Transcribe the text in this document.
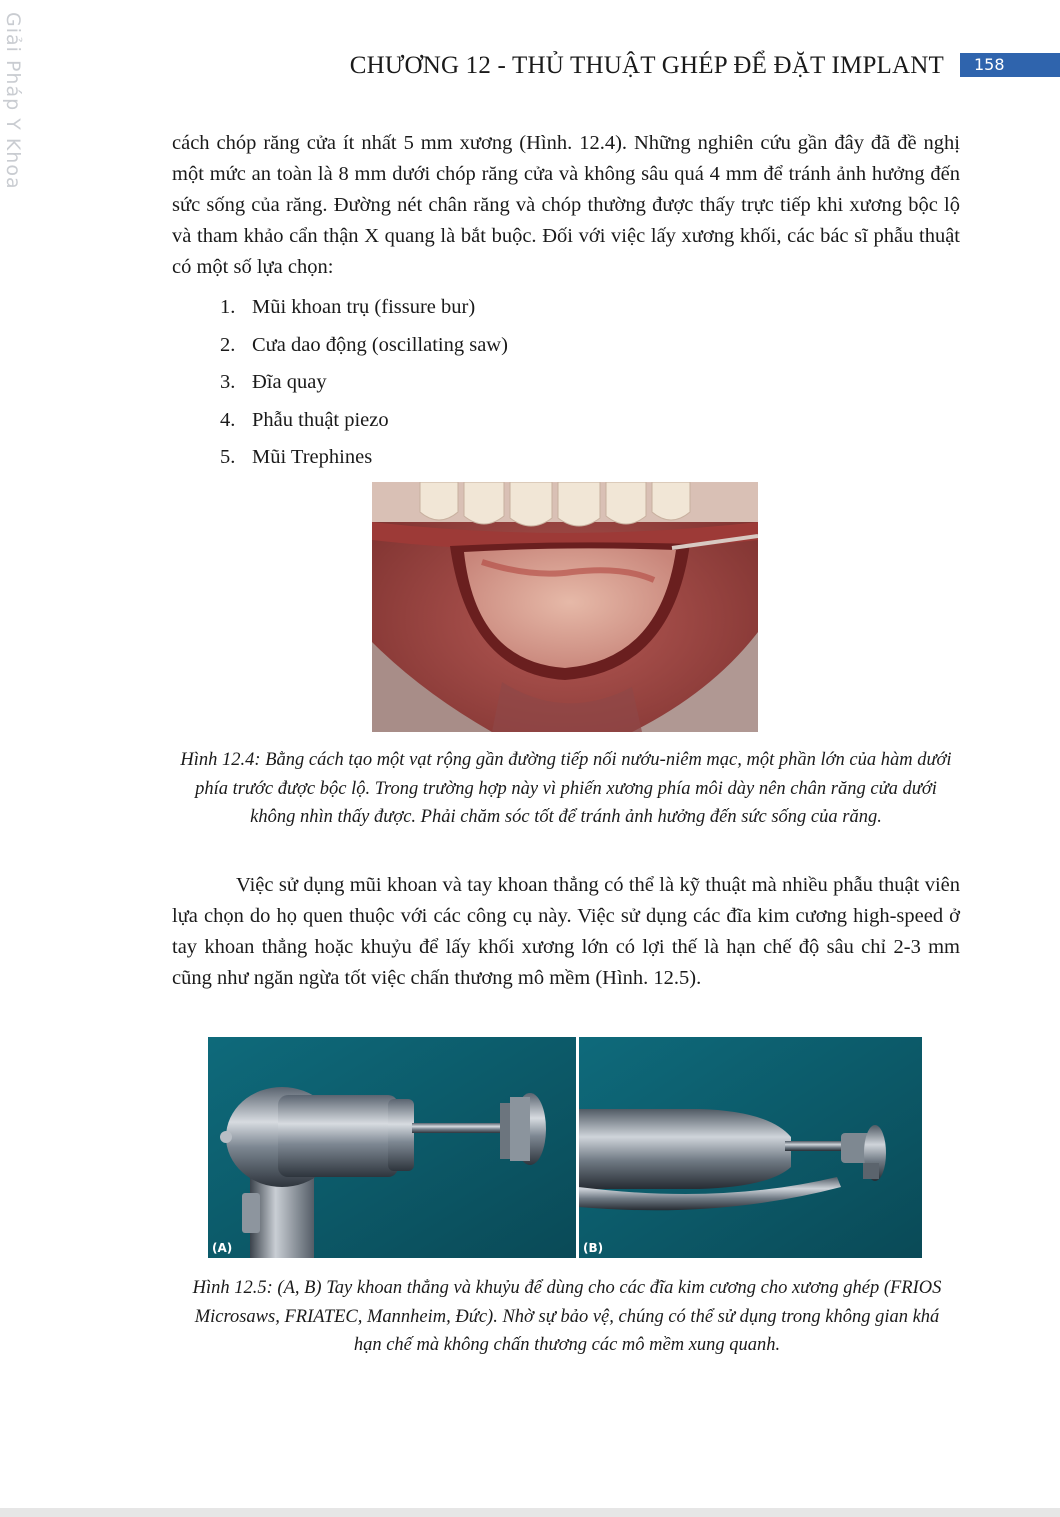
Giải Pháp Y Khoa	CHƯƠNG 12 - THỦ THUẬT GHÉP ĐỂ ĐẶT IMPLANT	158

cách chóp răng cửa ít nhất 5 mm xương (Hình. 12.4). Những nghiên cứu gần đây đã đề nghị một mức an toàn là 8 mm dưới chóp răng cửa và không sâu quá 4 mm để tránh ảnh hưởng đến sức sống của răng. Đường nét chân răng và chóp thường được thấy trực tiếp khi xương bộc lộ và tham khảo cẩn thận X quang là bắt buộc. Đối với việc lấy xương khối, các bác sĩ phẫu thuật có một số lựa chọn:

1. Mũi khoan trụ (fissure bur)
2. Cưa dao động (oscillating saw)
3. Đĩa quay
4. Phẫu thuật piezo
5. Mũi Trephines

Hình 12.4: Bằng cách tạo một vạt rộng gần đường tiếp nối nướu-niêm mạc, một phần lớn của hàm dưới phía trước được bộc lộ. Trong trường hợp này vì phiến xương phía môi dày nên chân răng cửa dưới không nhìn thấy được. Phải chăm sóc tốt để tránh ảnh hưởng đến sức sống của răng.

Việc sử dụng mũi khoan và tay khoan thẳng có thể là kỹ thuật mà nhiều phẫu thuật viên lựa chọn do họ quen thuộc với các công cụ này. Việc sử dụng các đĩa kim cương high-speed ở tay khoan thẳng hoặc khuỷu để lấy khối xương lớn có lợi thế là hạn chế độ sâu chỉ 2-3 mm cũng như ngăn ngừa tốt việc chấn thương mô mềm (Hình. 12.5).

(A)	(B)

Hình 12.5: (A, B) Tay khoan thẳng và khuỷu để dùng cho các đĩa kim cương cho xương ghép (FRIOS Microsaws, FRIATEC, Mannheim, Đức). Nhờ sự bảo vệ, chúng có thể sử dụng trong không gian khá hạn chế mà không chấn thương các mô mềm xung quanh.
